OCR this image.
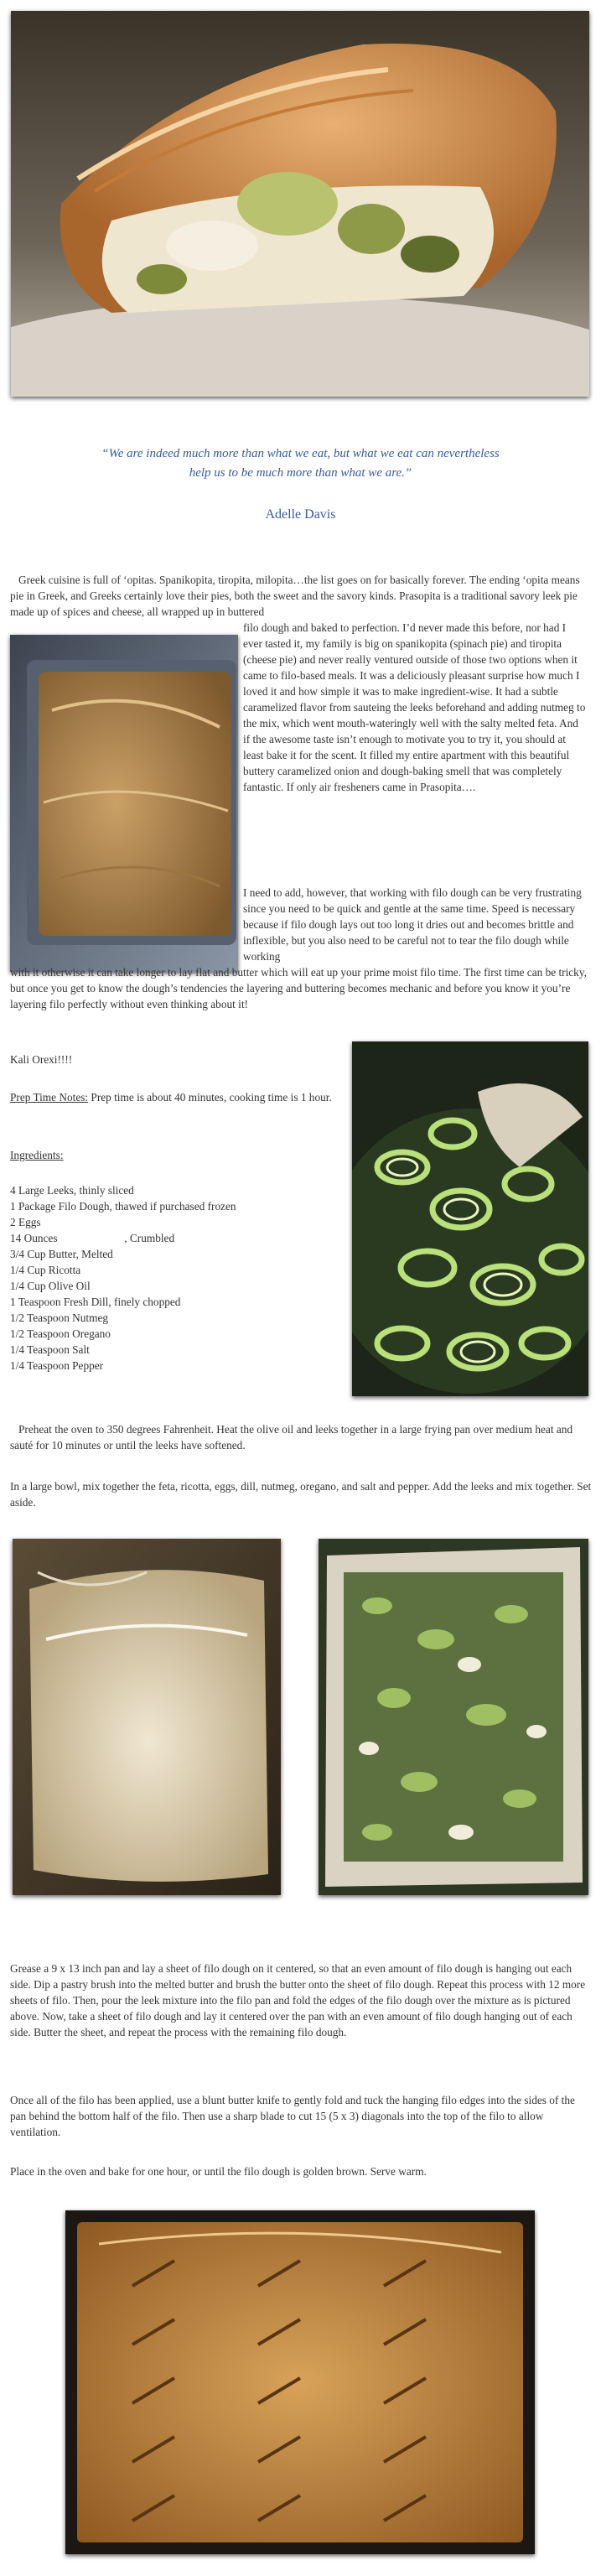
“We are indeed much more than what we eat, but what we eat can nevertheless help us to be much more than what we are.”
Adelle Davis
Greek cuisine is full of ‘opitas. Spanikopita, tiropita, milopita…the list goes on for basically forever. The ending ‘opita means pie in Greek, and Greeks certainly love their pies, both the sweet and the savory kinds. Prasopita is a traditional savory leek pie made up of spices and cheese, all wrapped up in buttered
filo dough and baked to perfection. I’d never made this before, nor had I ever tasted it, my family is big on spanikopita (spinach pie) and tiropita (cheese pie) and never really ventured outside of those two options when it came to filo-based meals. It was a deliciously pleasant surprise how much I loved it and how simple it was to make ingredient-wise. It had a subtle caramelized flavor from sauteing the leeks beforehand and adding nutmeg to the mix, which went mouth-wateringly well with the salty melted feta. And if the awesome taste isn’t enough to motivate you to try it, you should at least bake it for the scent. It filled my entire apartment with this beautiful buttery caramelized onion and dough-baking smell that was completely fantastic. If only air fresheners came in Prasopita….
I need to add, however, that working with filo dough can be very frustrating since you need to be quick and gentle at the same time. Speed is necessary because if filo dough lays out too long it dries out and becomes brittle and inflexible, but you also need to be careful not to tear the filo dough while working
with it otherwise it can take longer to lay flat and butter which will eat up your prime moist filo time. The first time can be tricky, but once you get to know the dough’s tendencies the layering and buttering becomes mechanic and before you know it you’re layering filo perfectly without even thinking about it!
Kali Orexi!!!!
Prep Time Notes: Prep time is about 40 minutes, cooking time is 1 hour.
Ingredients:
4 Large Leeks, thinly sliced
1 Package Filo Dough, thawed if purchased frozen
2 Eggs
14 Ounces                        , Crumbled
3/4 Cup Butter, Melted
1/4 Cup Ricotta
1/4 Cup Olive Oil
1 Teaspoon Fresh Dill, finely chopped
1/2 Teaspoon Nutmeg
1/2 Teaspoon Oregano
1/4 Teaspoon Salt
1/4 Teaspoon Pepper
Preheat the oven to 350 degrees Fahrenheit. Heat the olive oil and leeks together in a large frying pan over medium heat and sauté for 10 minutes or until the leeks have softened.
In a large bowl, mix together the feta, ricotta, eggs, dill, nutmeg, oregano, and salt and pepper. Add the leeks and mix together. Set aside.
Grease a 9 x 13 inch pan and lay a sheet of filo dough on it centered, so that an even amount of filo dough is hanging out each side. Dip a pastry brush into the melted butter and brush the butter onto the sheet of filo dough. Repeat this process with 12 more sheets of filo. Then, pour the leek mixture into the filo pan and fold the edges of the filo dough over the mixture as is pictured above. Now, take a sheet of filo dough and lay it centered over the pan with an even amount of filo dough hanging out of each side. Butter the sheet, and repeat the process with the remaining filo dough.
Once all of the filo has been applied, use a blunt butter knife to gently fold and tuck the hanging filo edges into the sides of the pan behind the bottom half of the filo. Then use a sharp blade to cut 15 (5 x 3) diagonals into the top of the filo to allow ventilation.
Place in the oven and bake for one hour, or until the filo dough is golden brown. Serve warm.
